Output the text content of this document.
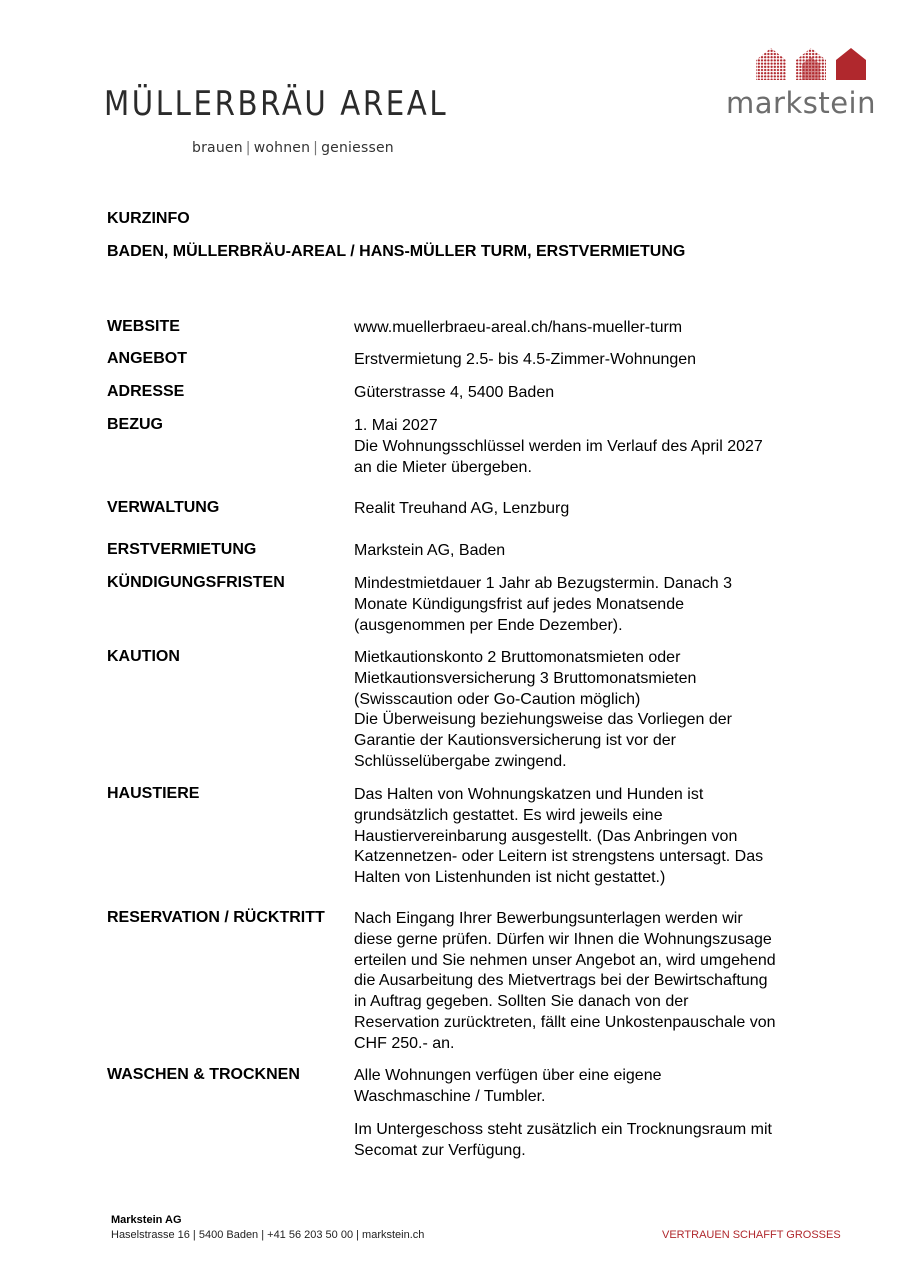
MÜLLERBRÄU AREAL
brauen | wohnen | geniessen
markstein
KURZINFO
BADEN, MÜLLERBRÄU-AREAL / HANS-MÜLLER TURM, ERSTVERMIETUNG
WEBSITE	www.muellerbraeu-areal.ch/hans-mueller-turm

ANGEBOT	Erstvermietung 2.5- bis 4.5-Zimmer-Wohnungen

ADRESSE	Güterstrasse 4, 5400 Baden

BEZUG	1. Mai 2027

Die Wohnungsschlüssel werden im Verlauf des April 2027

an die Mieter übergeben.

VERWALTUNG	Realit Treuhand AG, Lenzburg

ERSTVERMIETUNG	Markstein AG, Baden

KÜNDIGUNGSFRISTEN	Mindestmietdauer 1 Jahr ab Bezugstermin. Danach 3

Monate Kündigungsfrist auf jedes Monatsende

(ausgenommen per Ende Dezember).

KAUTION	Mietkautionskonto 2 Bruttomonatsmieten oder

Mietkautionsversicherung 3 Bruttomonatsmieten

(Swisscaution oder Go-Caution möglich)

Die Überweisung beziehungsweise das Vorliegen der

Garantie der Kautionsversicherung ist vor der

Schlüsselübergabe zwingend.

HAUSTIERE	Das Halten von Wohnungskatzen und Hunden ist

grundsätzlich gestattet. Es wird jeweils eine

Haustiervereinbarung ausgestellt. (Das Anbringen von

Katzennetzen- oder Leitern ist strengstens untersagt. Das

Halten von Listenhunden ist nicht gestattet.)

RESERVATION / RÜCKTRITT Nach Eingang Ihrer Bewerbungsunterlagen werden wir

diese gerne prüfen. Dürfen wir Ihnen die Wohnungszusage

erteilen und Sie nehmen unser Angebot an, wird umgehend

die Ausarbeitung des Mietvertrags bei der Bewirtschaftung

in Auftrag gegeben. Sollten Sie danach von der

Reservation zurücktreten, fällt eine Unkostenpauschale von

CHF 250.- an.

WASCHEN & TROCKNEN	Alle Wohnungen verfügen über eine eigene

Waschmaschine / Tumbler.

Im Untergeschoss steht zusätzlich ein Trocknungsraum mit

Secomat zur Verfügung.

Markstein AG
Haselstrasse 16 | 5400 Baden | +41 56 203 50 00 | markstein.ch	VERTRAUEN SCHAFFT GROSSES
